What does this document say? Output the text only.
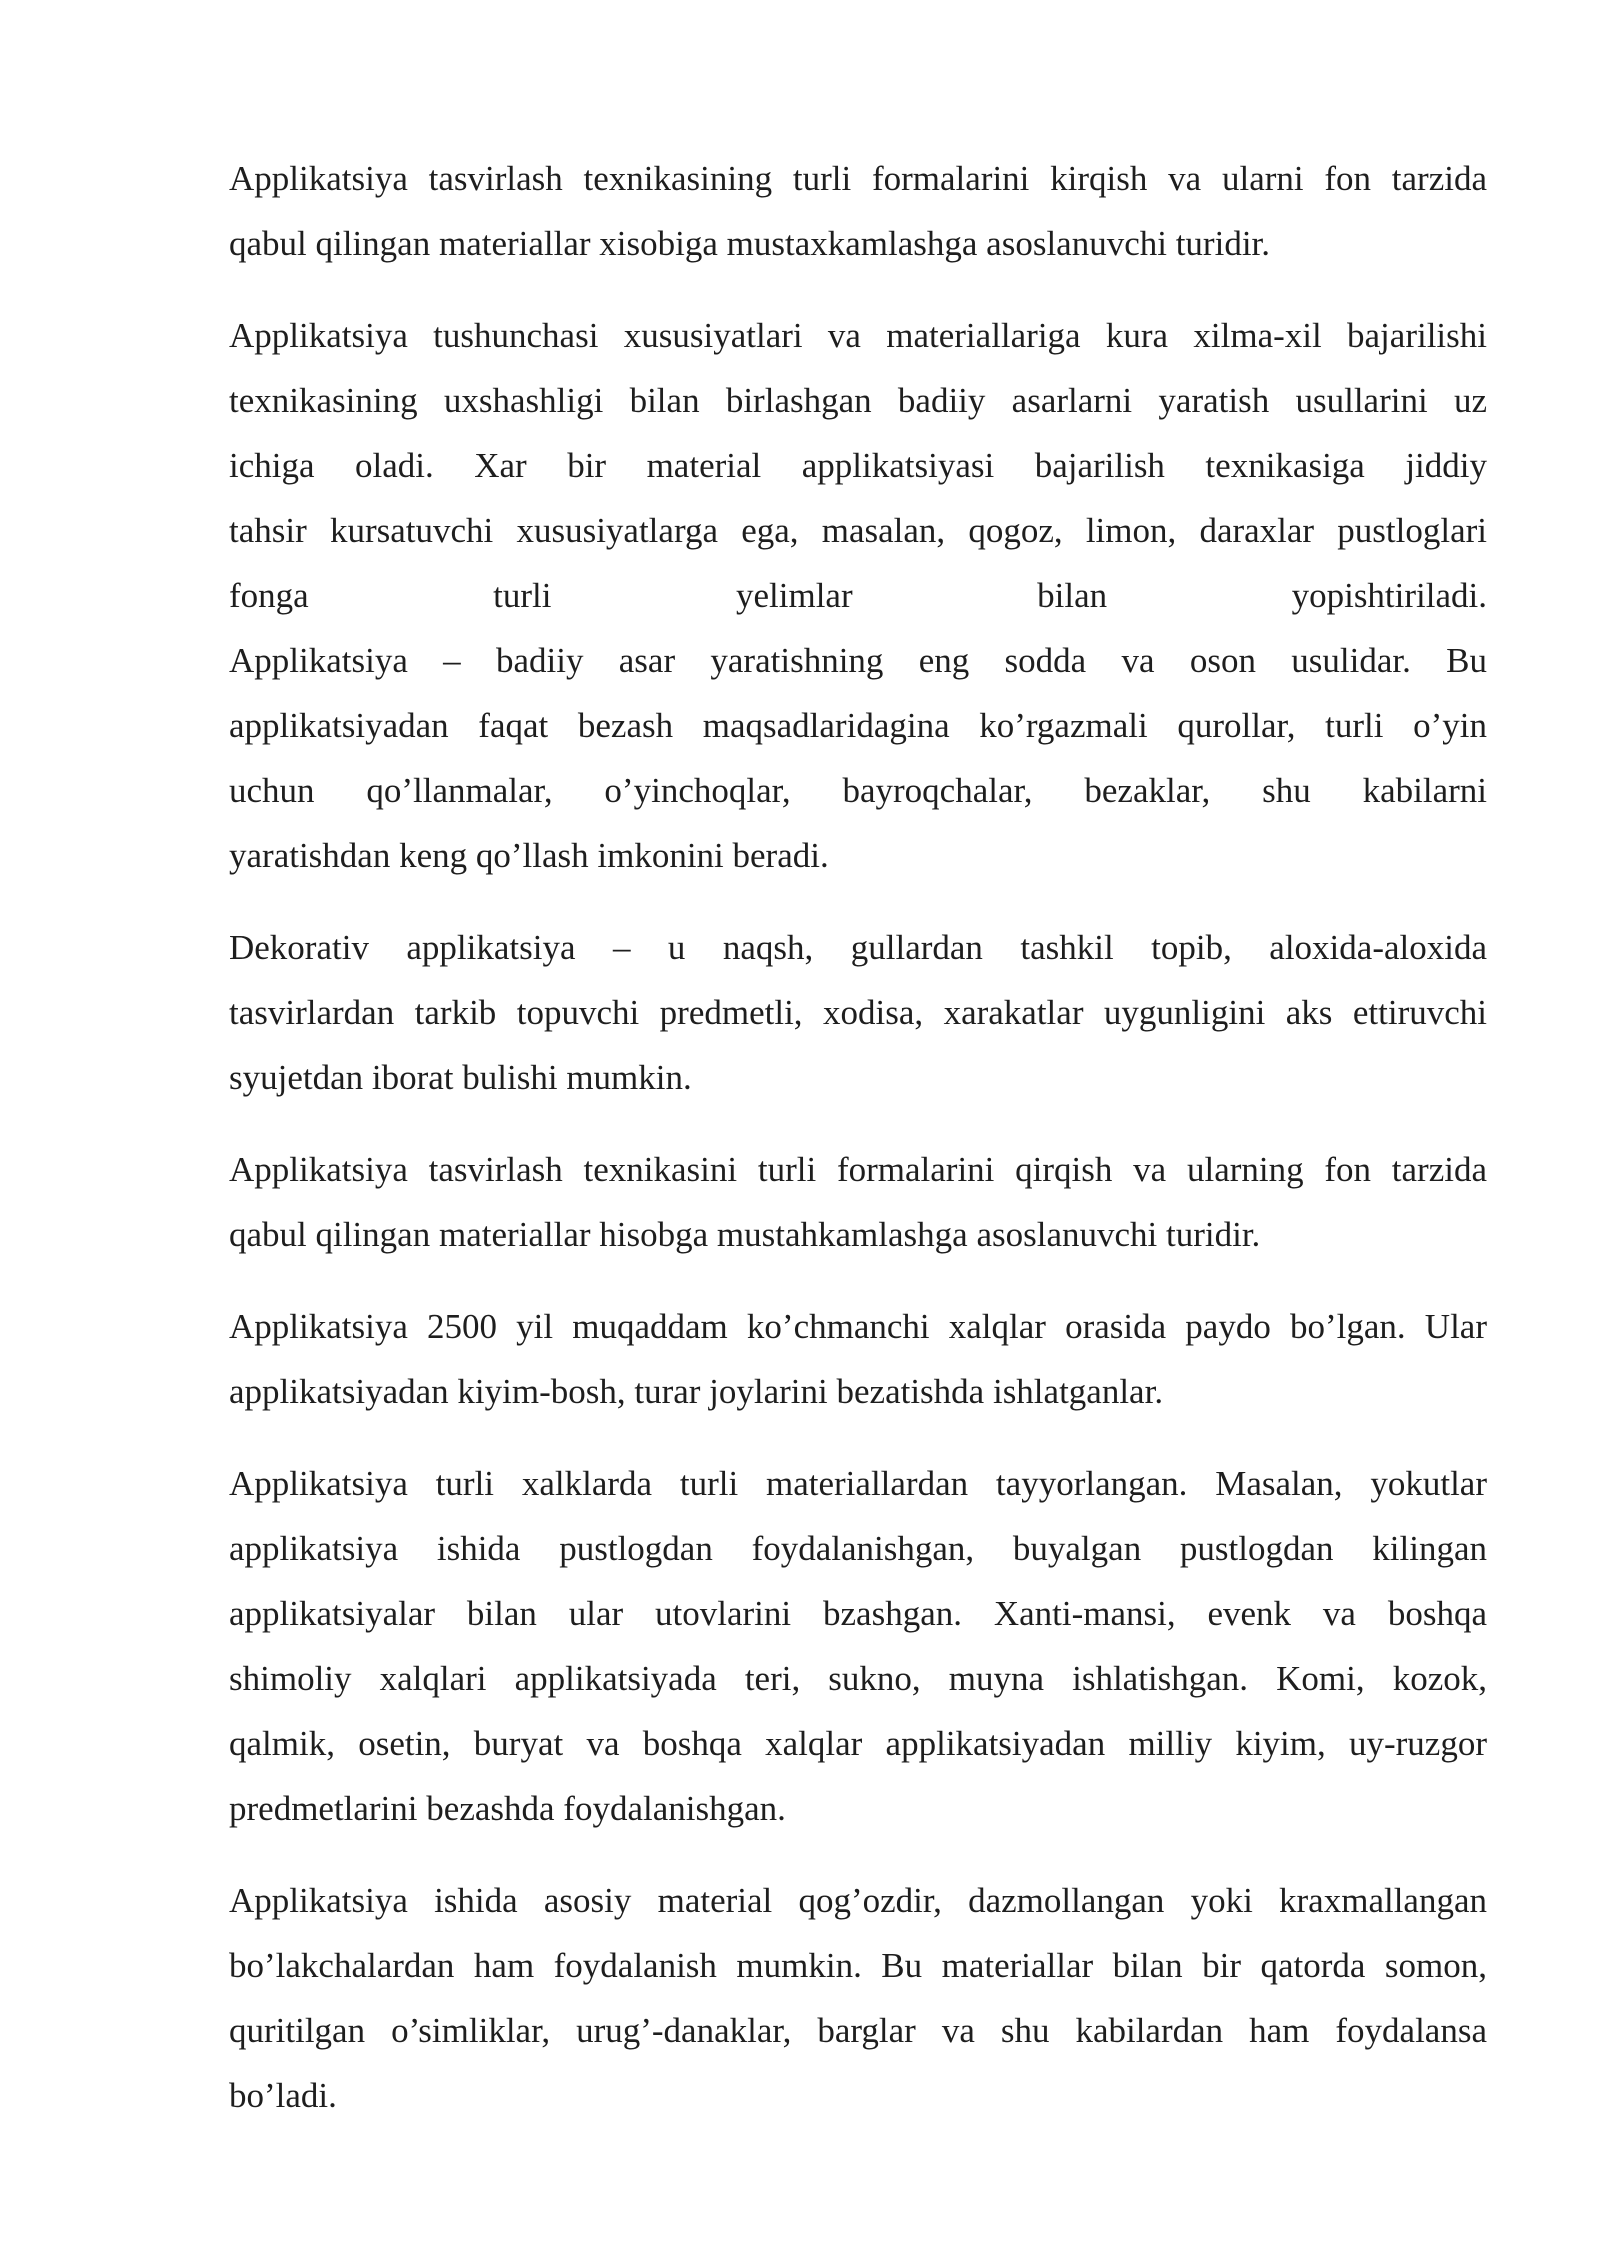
Applikatsiya tasvirlash texnikasining turli formalarini kirqish va ularni fon tarzida
qabul qilingan materiallar xisobiga mustaxkamlashga asoslanuvchi turidir.

Applikatsiya tushunchasi xususiyatlari va materiallariga kura xilma-xil bajarilishi
texnikasining uxshashligi bilan birlashgan badiiy asarlarni yaratish usullarini uz
ichiga oladi. Xar bir material applikatsiyasi bajarilish texnikasiga jiddiy
tahsir kursatuvchi xususiyatlarga ega, masalan, qogoz, limon, daraxlar pustloglari
fonga turli yelimlar bilan yopishtiriladi.
Applikatsiya – badiiy asar yaratishning eng sodda va oson usulidar. Bu
applikatsiyadan faqat bezash maqsadlaridagina ko’rgazmali qurollar, turli o’yin
uchun qo’llanmalar, o’yinchoqlar, bayroqchalar, bezaklar, shu kabilarni
yaratishdan keng qo’llash imkonini beradi.

Dekorativ applikatsiya – u naqsh, gullardan tashkil topib, aloxida-aloxida
tasvirlardan tarkib topuvchi predmetli, xodisa, xarakatlar uygunligini aks ettiruvchi
syujetdan iborat bulishi mumkin.

Applikatsiya tasvirlash texnikasini turli formalarini qirqish va ularning fon tarzida
qabul qilingan materiallar hisobga mustahkamlashga asoslanuvchi turidir.

Applikatsiya 2500 yil muqaddam ko’chmanchi xalqlar orasida paydo bo’lgan. Ular
applikatsiyadan kiyim-bosh, turar joylarini bezatishda ishlatganlar.

Applikatsiya turli xalklarda turli materiallardan tayyorlangan. Masalan, yokutlar
applikatsiya ishida pustlogdan foydalanishgan, buyalgan pustlogdan kilingan
applikatsiyalar bilan ular utovlarini bzashgan. Xanti-mansi, evenk va boshqa
shimoliy xalqlari applikatsiyada teri, sukno, muyna ishlatishgan. Komi, kozok,
qalmik, osetin, buryat va boshqa xalqlar applikatsiyadan milliy kiyim, uy-ruzgor
predmetlarini bezashda foydalanishgan.

Applikatsiya ishida asosiy material qog’ozdir, dazmollangan yoki kraxmallangan
bo’lakchalardan ham foydalanish mumkin. Bu materiallar bilan bir qatorda somon,
quritilgan o’simliklar, urug’-danaklar, barglar va shu kabilardan ham foydalansa
bo’ladi.
